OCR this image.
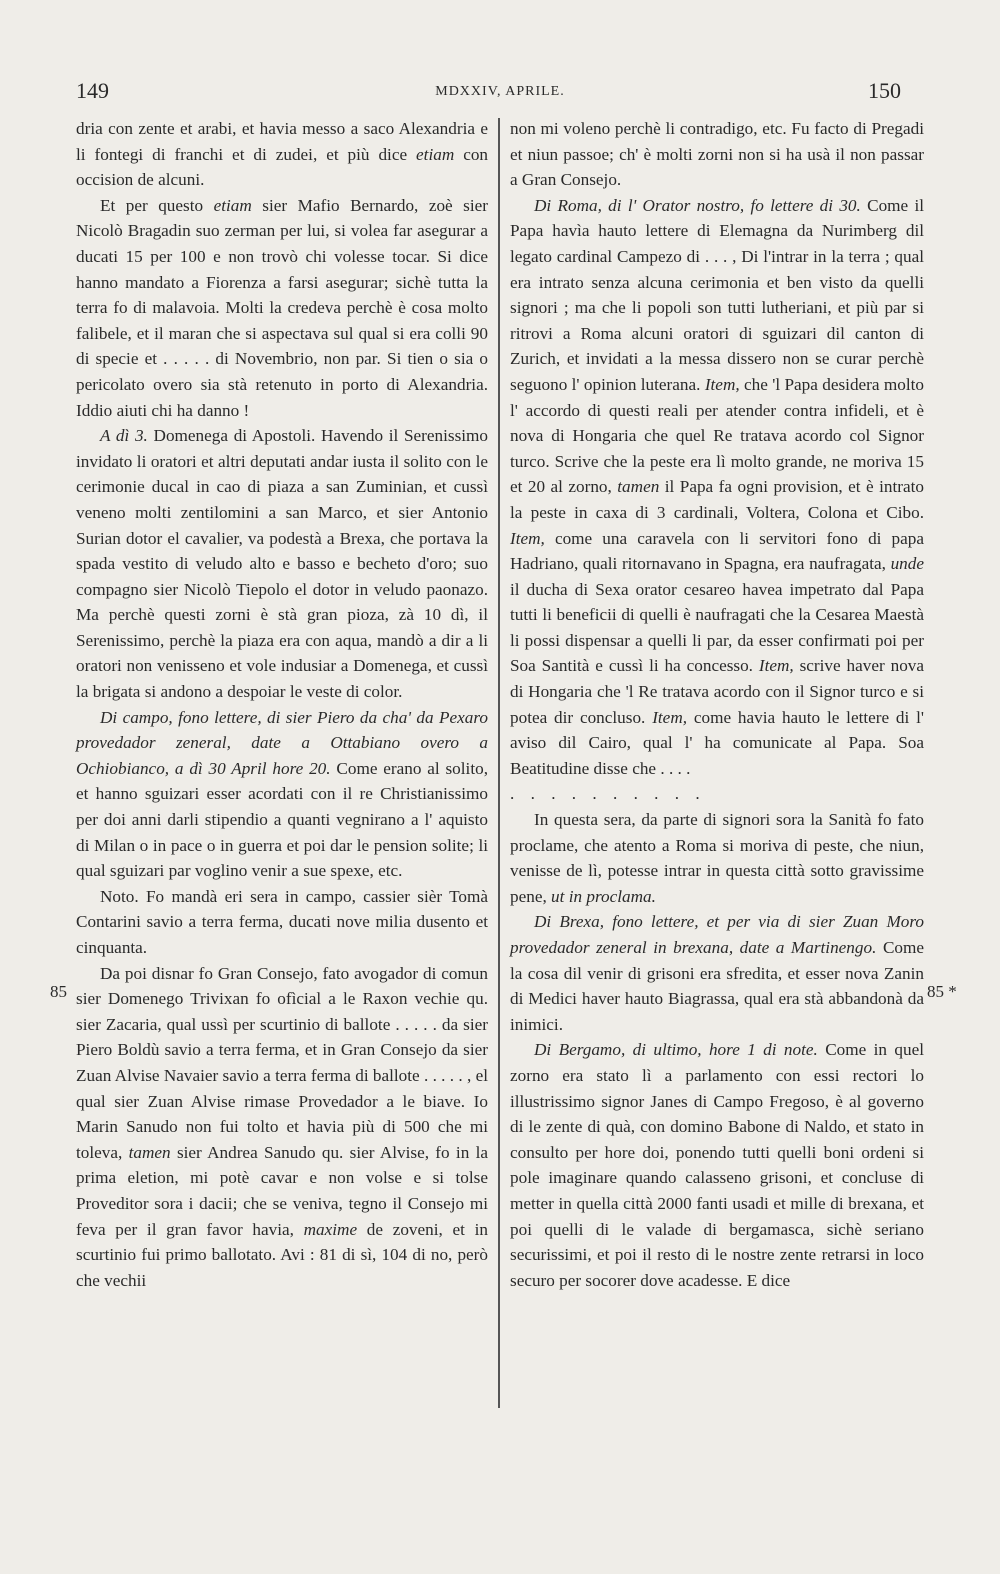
149	MDXXIV, APRILE.	150
85	85 *

dria con zente et arabi, et havia messo a saco Alexandria e li fontegi di franchi et di zudei, et più dice etiam con occision de alcuni.

Et per questo etiam sier Mafio Bernardo, zoè sier Nicolò Bragadin suo zerman per lui, si volea far asegurar a ducati 15 per 100 e non trovò chi volesse tocar. Si dice hanno mandato a Fiorenza a farsi asegurar; sichè tutta la terra fo di malavoia. Molti la credeva perchè è cosa molto falibele, et il maran che si aspectava sul qual si era colli 90 di specie et . . . . . di Novembrio, non par. Si tien o sia o pericolato overo sia stà retenuto in porto di Alexandria. Iddio aiuti chi ha danno !

A dì 3. Domenega di Apostoli. Havendo il Serenissimo invidato li oratori et altri deputati andar iusta il solito con le cerimonie ducal in cao di piaza a san Zuminian, et cussì veneno molti zentilomini a san Marco, et sier Antonio Surian dotor el cavalier, va podestà a Brexa, che portava la spada vestito di veludo alto e basso e becheto d'oro; suo compagno sier Nicolò Tiepolo el dotor in veludo paonazo. Ma perchè questi zorni è stà gran pioza, zà 10 dì, il Serenissimo, perchè la piaza era con aqua, mandò a dir a li oratori non venisseno et vole indusiar a Domenega, et cussì la brigata si andono a despoiar le veste di color.

Di campo, fono lettere, di sier Piero da cha' da Pexaro provedador zeneral, date a Ottabiano overo a Ochiobianco, a dì 30 April hore 20. Come erano al solito, et hanno sguizari esser acordati con il re Christianissimo per doi anni darli stipendio a quanti vegnirano a l' aquisto di Milan o in pace o in guerra et poi dar le pension solite; li qual sguizari par voglino venir a sue spexe, etc.

Noto. Fo mandà eri sera in campo, cassier sièr Tomà Contarini savio a terra ferma, ducati nove milia dusento et cinquanta.

Da poi disnar fo Gran Consejo, fato avogador di comun sier Domenego Trivixan fo ofìcial a le Raxon vechie qu. sier Zacaria, qual ussì per scurtinio di ballote . . . . . da sier Piero Boldù savio a terra ferma, et in Gran Consejo da sier Zuan Alvise Navaier savio a terra ferma di ballote . . . . . , el qual sier Zuan Alvise rimase Provedador a le biave. Io Marin Sanudo non fui tolto et havia più di 500 che mi toleva, tamen sier Andrea Sanudo qu. sier Alvise, fo in la prima eletion, mi potè cavar e non volse e si tolse Proveditor sora i dacii; che se veniva, tegno il Consejo mi feva per il gran favor havia, maxime de zoveni, et in scurtinio fui primo ballotato. Avi : 81 di sì, 104 di no, però che vechii

non mi voleno perchè li contradigo, etc. Fu facto di Pregadi et niun passoe; ch' è molti zorni non si ha usà il non passar a Gran Consejo.

Di Roma, di l' Orator nostro, fo lettere di 30. Come il Papa havìa hauto lettere di Elemagna da Nurimberg dil legato cardinal Campezo di . . . , Di l'intrar in la terra ; qual era intrato senza alcuna cerimonia et ben visto da quelli signori ; ma che li popoli son tutti lutheriani, et più par si ritrovi a Roma alcuni oratori di sguizari dil canton di Zurich, et invidati a la messa dissero non se curar perchè seguono l' opinion luterana. Item, che 'l Papa desidera molto l' accordo di questi reali per atender contra infideli, et è nova di Hongaria che quel Re tratava acordo col Signor turco. Scrive che la peste era lì molto grande, ne moriva 15 et 20 al zorno, tamen il Papa fa ogni provision, et è intrato la peste in caxa di 3 cardinali, Voltera, Colona et Cibo. Item, come una caravela con li servitori fono di papa Hadriano, quali ritornavano in Spagna, era naufragata, unde il ducha di Sexa orator cesareo havea impetrato dal Papa tutti li beneficii di quelli è naufragati che la Cesarea Maestà li possi dispensar a quelli li par, da esser confirmati poi per Soa Santità e cussì li ha concesso. Item, scrive haver nova di Hongaria che 'l Re tratava acordo con il Signor turco e si potea dir concluso. Item, come havia hauto le lettere di l' aviso dil Cairo, qual l' ha comunicate al Papa. Soa Beatitudine disse che . . . .

. . . . . . . . . .

In questa sera, da parte di signori sora la Sanità fo fato proclame, che atento a Roma si moriva di peste, che niun, venisse de lì, potesse intrar in questa città sotto gravissime pene, ut in proclama.

Di Brexa, fono lettere, et per via di sier Zuan Moro provedador zeneral in brexana, date a Martinengo. Come la cosa dil venir di grisoni era sfredita, et esser nova Zanin di Medici haver hauto Biagrassa, qual era stà abbandonà da inimici.

Di Bergamo, di ultimo, hore 1 di note. Come in quel zorno era stato lì a parlamento con essi rectori lo illustrissimo signor Janes di Campo Fregoso, è al governo di le zente di quà, con domino Babone di Naldo, et stato in consulto per hore doi, ponendo tutti quelli boni ordeni si pole imaginare quando calasseno grisoni, et concluse di metter in quella città 2000 fanti usadi et mille di brexana, et poi quelli di le valade di bergamasca, sichè seriano securissimi, et poi il resto di le nostre zente retrarsi in loco securo per socorer dove acadesse. E dice
